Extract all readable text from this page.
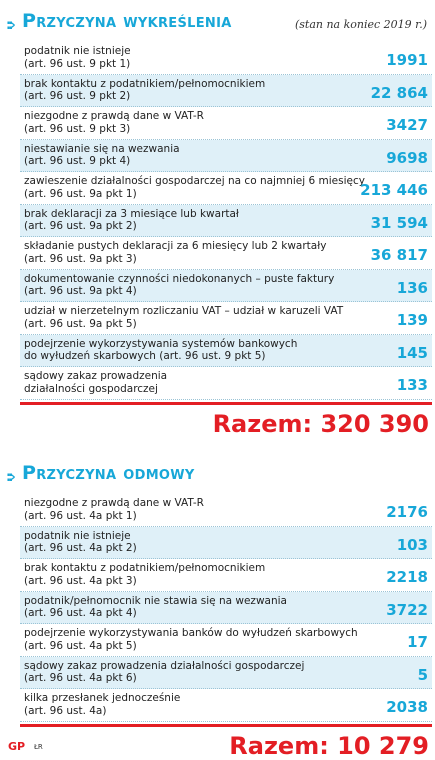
::› Przyczyna wykreślenia	(stan na koniec 2019 r.)
podatnik nie istnieje
(art. 96 ust. 9 pkt 1)	1991
brak kontaktu z podatnikiem/pełnomocnikiem
(art. 96 ust. 9 pkt 2)	22 864
niezgodne z prawdą dane w VAT-R
(art. 96 ust. 9 pkt 3)	3427
niestawianie się na wezwania
(art. 96 ust. 9 pkt 4)	9698
zawieszenie działalności gospodarczej na co najmniej 6 miesięcy
(art. 96 ust. 9a pkt 1)	213 446
brak deklaracji za 3 miesiące lub kwartał
(art. 96 ust. 9a pkt 2)	31 594
składanie pustych deklaracji za 6 miesięcy lub 2 kwartały
(art. 96 ust. 9a pkt 3)	36 817
dokumentowanie czynności niedokonanych – puste faktury
(art. 96 ust. 9a pkt 4)	136
udział w nierzetelnym rozliczaniu VAT – udział w karuzeli VAT
(art. 96 ust. 9a pkt 5)	139
podejrzenie wykorzystywania systemów bankowych
do wyłudzeń skarbowych (art. 96 ust. 9 pkt 5)	145
sądowy zakaz prowadzenia
działalności gospodarczej	133
Razem: 320 390
::› Przyczyna odmowy
niezgodne z prawdą dane w VAT-R
(art. 96 ust. 4a pkt 1)	2176
podatnik nie istnieje
(art. 96 ust. 4a pkt 2)	103
brak kontaktu z podatnikiem/pełnomocnikiem
(art. 96 ust. 4a pkt 3)	2218
podatnik/pełnomocnik nie stawia się na wezwania
(art. 96 ust. 4a pkt 4)	3722
podejrzenie wykorzystywania banków do wyłudzeń skarbowych
(art. 96 ust. 4a pkt 5)	17
sądowy zakaz prowadzenia działalności gospodarczej
(art. 96 ust. 4a pkt 6)	5
kilka przesłanek jednocześnie
(art. 96 ust. 4a)	2038
Razem: 10 279
GP ŁR
